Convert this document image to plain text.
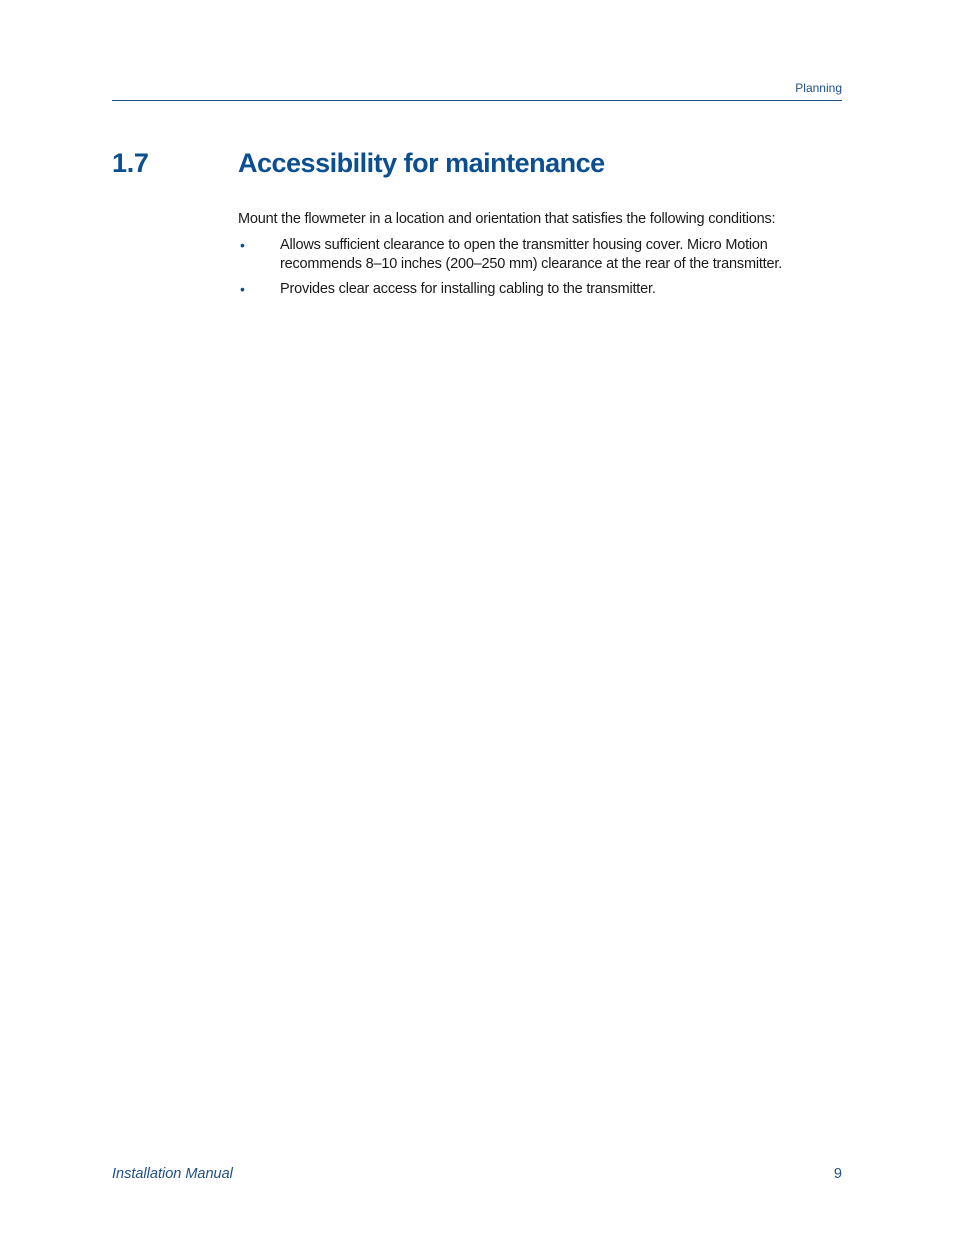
Planning
1.7	Accessibility for maintenance

Mount the flowmeter in a location and orientation that satisfies the following conditions:

• Allows sufficient clearance to open the transmitter housing cover. Micro Motion recommends 8–10 inches (200–250 mm) clearance at the rear of the transmitter.
• Provides clear access for installing cabling to the transmitter.
Installation Manual	9
